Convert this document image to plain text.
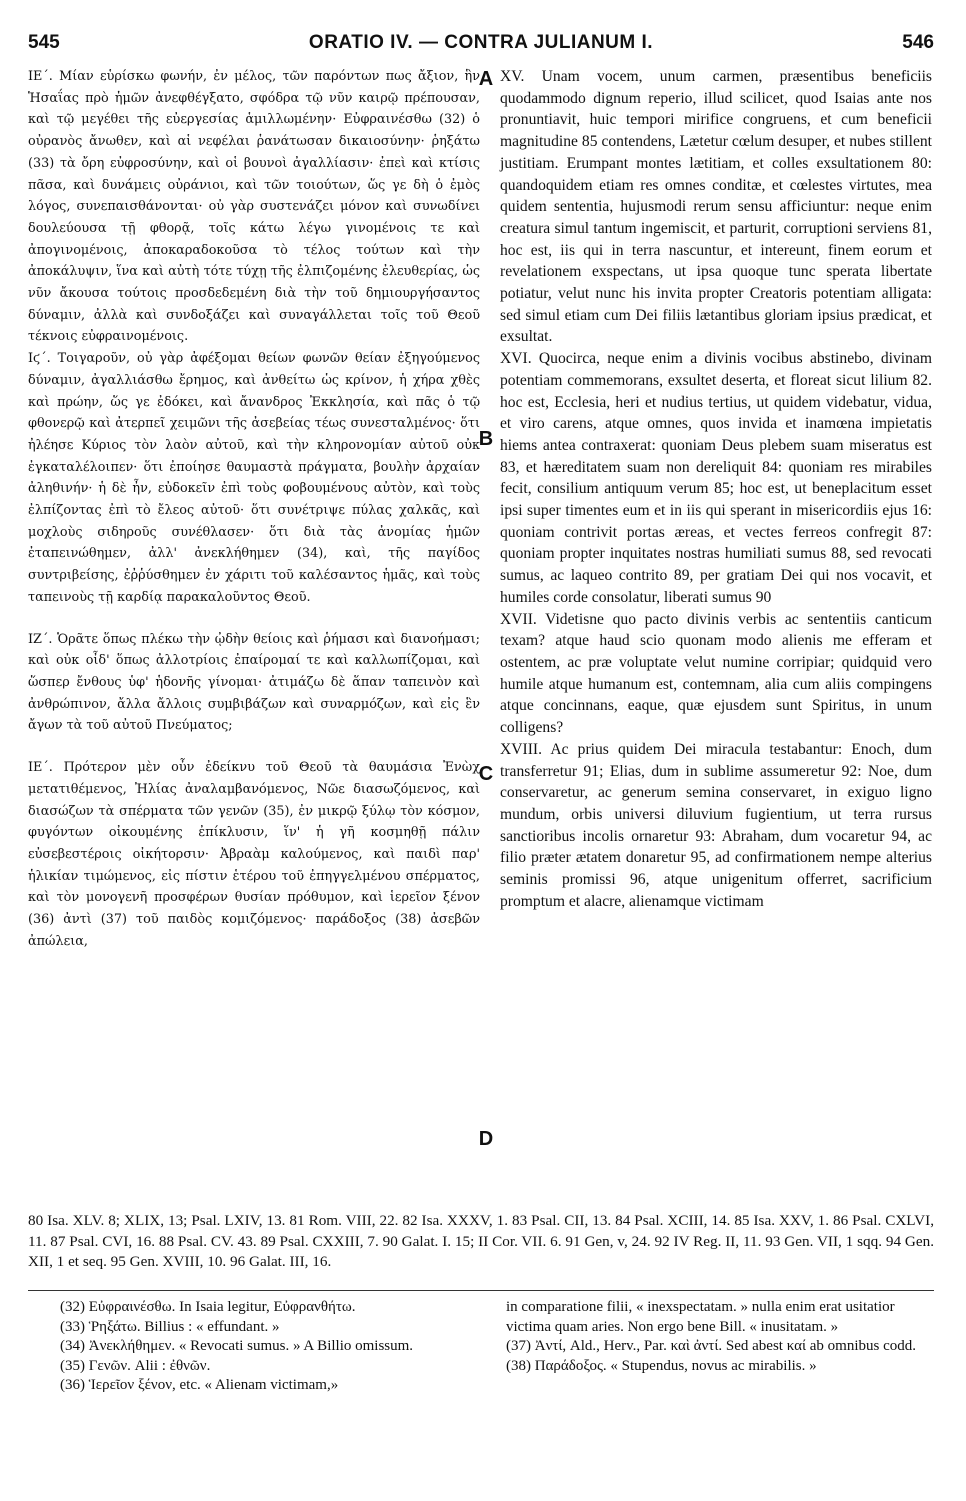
545	ORATIO IV. — CONTRA JULIANUM I.	546

ΙΕ΄. Μίαν εὑρίσκω φωνήν, ἐν μέλος, τῶν παρόντων πως ἄξιον, ἣν Ἡσαΐας πρὸ ἡμῶν ἀνεφθέγξατο, σφόδρα τῷ νῦν καιρῷ πρέπουσαν, καὶ τῷ μεγέθει τῆς εὐεργεσίας ἁμιλλωμένην· Εὐφραινέσθω (32) ὁ οὐρανὸς ἄνωθεν, καὶ αἱ νεφέλαι ῥανάτωσαν δικαιοσύνην· ῥηξάτω (33) τὰ ὄρη εὐφροσύνην, καὶ οἱ βουνοὶ ἀγαλλίασιν· ἐπεὶ καὶ κτίσις πᾶσα, καὶ δυνάμεις οὐράνιοι, καὶ τῶν τοιούτων, ὥς γε δὴ ὁ ἐμὸς λόγος, συνεπαισθάνονται· οὐ γὰρ συστενάζει μόνον καὶ συνωδίνει δουλεύουσα τῇ φθορᾷ, τοῖς κάτω λέγω γινομένοις τε καὶ ἀπογινομένοις, ἀποκαραδοκοῦσα τὸ τέλος τούτων καὶ τὴν ἀποκάλυψιν, ἵνα καὶ αὐτὴ τότε τύχῃ τῆς ἐλπιζομένης ἐλευθερίας, ὡς νῦν ἄκουσα τούτοις προσδεδεμένη διὰ τὴν τοῦ δημιουργήσαντος δύναμιν, ἀλλὰ καὶ συνδοξάζει καὶ συναγάλλεται τοῖς τοῦ Θεοῦ τέκνοις εὐφραινομένοις.

Ιϛ΄. Τοιγαροῦν, οὐ γὰρ ἀφέξομαι θείων φωνῶν θείαν ἐξηγούμενος δύναμιν, ἀγαλλιάσθω ἔρημος, καὶ ἀνθείτω ὡς κρίνον, ἡ χήρα χθὲς καὶ πρώην, ὥς γε ἐδόκει, καὶ ἄνανδρος Ἐκκλησία, καὶ πᾶς ὁ τῷ φθονερῷ καὶ ἀτερπεῖ χειμῶνι τῆς ἀσεβείας τέως συνεσταλμένος· ὅτι ἠλέησε Κύριος τὸν λαὸν αὐτοῦ, καὶ τὴν κληρονομίαν αὐτοῦ οὐκ ἐγκαταλέλοιπεν· ὅτι ἐποίησε θαυμαστὰ πράγματα, βουλὴν ἀρχαίαν ἀληθινήν· ἡ δὲ ἦν, εὐδοκεῖν ἐπὶ τοὺς φοβουμένους αὐτὸν, καὶ τοὺς ἐλπίζοντας ἐπὶ τὸ ἔλεος αὐτοῦ· ὅτι συνέτριψε πύλας χαλκᾶς, καὶ μοχλοὺς σιδηροῦς συνέθλασεν· ὅτι διὰ τὰς ἀνομίας ἡμῶν ἐταπεινώθημεν, ἀλλ' ἀνεκλήθημεν (34), καὶ, τῆς παγίδος συντριβείσης, ἐῤῥύσθημεν ἐν χάριτι τοῦ καλέσαντος ἡμᾶς, καὶ τοὺς ταπεινοὺς τῇ καρδίᾳ παρακαλοῦντος Θεοῦ.

ΙΖ΄. Ὁρᾶτε ὅπως πλέκω τὴν ᾠδὴν θείοις καὶ ῥήμασι καὶ διανοήμασι; καὶ οὐκ οἶδ' ὅπως ἀλλοτρίοις ἐπαίρομαί τε καὶ καλλωπίζομαι, καὶ ὥσπερ ἔνθους ὑφ' ἡδονῆς γίνομαι· ἀτιμάζω δὲ ἅπαν ταπεινὸν καὶ ἀνθρώπινον, ἄλλα ἄλλοις συμβιβάζων καὶ συναρμόζων, καὶ εἰς ἓν ἄγων τὰ τοῦ αὐτοῦ Πνεύματος;

ΙΕ΄. Πρότερον μὲν οὖν ἐδείκνυ τοῦ Θεοῦ τὰ θαυμάσια Ἐνὼχ μετατιθέμενος, Ἠλίας ἀναλαμβανόμενος, Νῶε διασωζόμενος, καὶ διασώζων τὰ σπέρματα τῶν γενῶν (35), ἐν μικρῷ ξύλῳ τὸν κόσμον, φυγόντων οἰκουμένης ἐπίκλυσιν, ἵν' ἡ γῆ κοσμηθῇ πάλιν εὐσεβεστέροις οἰκήτορσιν· Ἀβραὰμ καλούμενος, καὶ παιδὶ παρ' ἡλικίαν τιμώμενος, εἰς πίστιν ἑτέρου τοῦ ἐπηγγελμένου σπέρματος, καὶ τὸν μονογενῆ προσφέρων θυσίαν πρόθυμον, καὶ ἱερεῖον ξένον (36) ἀντὶ (37) τοῦ παιδὸς κομιζόμενος· παράδοξος (38) ἀσεβῶν ἀπώλεια,

XV. Unam vocem, unum carmen, præsentibus beneficiis quodammodo dignum reperio, illud scilicet, quod Isaias ante nos pronuntiavit, huic tempori mirifice congruens, et cum beneficii magnitudine 85 contendens, Lætetur cœlum desuper, et nubes stillent justitiam. Erumpant montes lætitiam, et colles exsultationem 80: quandoquidem etiam res omnes conditæ, et cœlestes virtutes, mea quidem sententia, hujusmodi rerum sensu afficiuntur: neque enim creatura simul tantum ingemiscit, et parturit, corruptioni serviens 81, hoc est, iis qui in terra nascuntur, et intereunt, finem eorum et revelationem exspectans, ut ipsa quoque tunc sperata libertate potiatur, velut nunc his invita propter Creatoris potentiam alligata: sed simul etiam cum Dei filiis lætantibus gloriam ipsius prædicat, et exsultat.

XVI. Quocirca, neque enim a divinis vocibus abstinebo, divinam potentiam commemorans, exsultet deserta, et floreat sicut lilium 82. hoc est, Ecclesia, heri et nudius tertius, ut quidem videbatur, vidua, et viro carens, atque omnes, quos invida et inamœna impietatis hiems antea contraxerat: quoniam Deus plebem suam miseratus est 83, et hæreditatem suam non dereliquit 84: quoniam res mirabiles fecit, consilium antiquum verum 85; hoc est, ut beneplacitum esset ipsi super timentes eum et in iis qui sperant in misericordiis ejus 16: quoniam contrivit portas æreas, et vectes ferreos confregit 87: quoniam propter inquitates nostras humiliati sumus 88, sed revocati sumus, ac laqueo contrito 89, per gratiam Dei qui nos vocavit, et humiles corde consolatur, liberati sumus 90

XVII. Videtisne quo pacto divinis verbis ac sententiis canticum texam? atque haud scio quonam modo alienis me efferam et ostentem, ac præ voluptate velut numine corripiar; quidquid vero humile atque humanum est, contemnam, alia cum aliis compingens atque concinnans, eaque, quæ ejusdem sunt Spiritus, in unum colligens?

XVIII. Ac prius quidem Dei miracula testabantur: Enoch, dum transferretur 91; Elias, dum in sublime assumeretur 92: Noe, dum conservaretur, ac generum semina conservaret, in exiguo ligno mundum, orbis universi diluvium fugientium, ut terra rursus sanctioribus incolis ornaretur 93: Abraham, dum vocaretur 94, ac filio præter ætatem donaretur 95, ad confirmationem nempe alterius seminis promissi 96, atque unigenitum offerret, sacrificium promptum et alacre, alienamque victimam

A
B
C
D
80 Isa. XLV. 8; XLIX, 13; Psal. LXIV, 13. 81 Rom. VIII, 22. 82 Isa. XXXV, 1. 83 Psal. CII, 13. 84 Psal. XCIII, 14. 85 Isa. XXV, 1. 86 Psal. CXLVI, 11. 87 Psal. CVI, 16. 88 Psal. CV. 43. 89 Psal. CXXIII, 7. 90 Galat. I. 15; II Cor. VII. 6. 91 Gen, v, 24. 92 IV Reg. II, 11. 93 Gen. VII, 1 sqq. 94 Gen. XII, 1 et seq. 95 Gen. XVIII, 10. 96 Galat. III, 16.

(32) Εὐφραινέσθω. In Isaia legitur, Εὐφρανθήτω.

(33) Ῥηξάτω. Billius : « effundant. »

(34) Ἀνεκλήθημεν. « Revocati sumus. » A Billio omissum.

(35) Γενῶν. Alii : ἐθνῶν.

(36) Ἱερεῖον ξένον, etc. « Alienam victimam,»

in comparatione filii, « inexspectatam. » nulla enim erat usitatior victima quam aries. Non ergo bene Bill. « inusitatam. »

(37) Ἀντί, Ald., Herv., Par. καὶ ἀντί. Sed abest καί ab omnibus codd.

(38) Παράδοξος. « Stupendus, novus ac mirabilis. »
